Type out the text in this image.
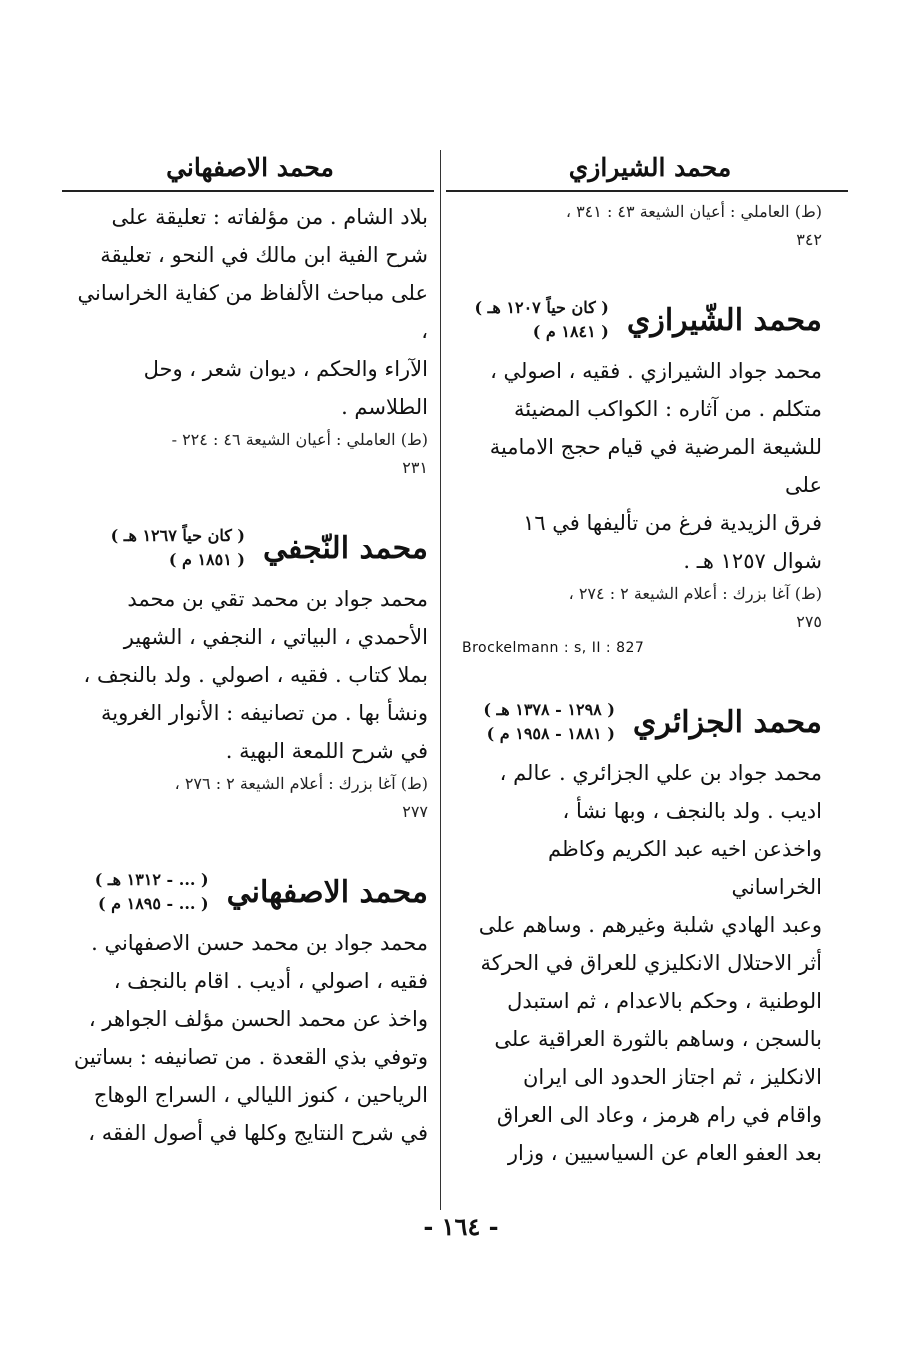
محمد الشيرازي
محمد الاصفهاني

(ط) العاملي : أعيان الشيعة ٤٣ : ٣٤١ ،

٣٤٢

محمد الشّيرازي
( كان حياً ١٢٠٧ هـ )
( ١٨٤١ م )

محمد جواد الشيرازي . فقيه ، اصولي ،

متكلم . من آثاره : الكواكب المضيئة

للشيعة المرضية في قيام حجج الامامية على

فرق الزيدية فرغ من تأليفها في ١٦

شوال ١٢٥٧ هـ .

(ط) آغا بزرك : أعلام الشيعة ٢ : ٢٧٤ ،

٢٧٥

Brockelmann : s, II : 827

محمد الجزائري
( ١٢٩٨ - ١٣٧٨ هـ )
( ١٨٨١ - ١٩٥٨ م )

محمد جواد بن علي الجزائري . عالم ،

اديب . ولد بالنجف ، وبها نشأ ،

واخذعن اخيه عبد الكريم وكاظم الخراساني

وعبد الهادي شلبة وغيرهم . وساهم على

أثر الاحتلال الانكليزي للعراق في الحركة

الوطنية ، وحكم بالاعدام ، ثم استبدل

بالسجن ، وساهم بالثورة العراقية على

الانكليز ، ثم اجتاز الحدود الى ايران

واقام في رام هرمز ، وعاد الى العراق

بعد العفو العام عن السياسيين ، وزار

بلاد الشام . من مؤلفاته : تعليقة على

شرح الفية ابن مالك في النحو ، تعليقة

على مباحث الألفاظ من كفاية الخراساني ،

الآراء والحكم ، ديوان شعر ، وحل

الطلاسم .

(ط) العاملي : أعيان الشيعة ٤٦ : ٢٢٤ -

٢٣١

محمد النّجفي
( كان حياً ١٢٦٧ هـ )
( ١٨٥١ م )

محمد جواد بن محمد تقي بن محمد

الأحمدي ، البياتي ، النجفي ، الشهير

بملا كتاب . فقيه ، اصولي . ولد بالنجف ،

ونشأ بها . من تصانيفه : الأنوار الغروية

في شرح اللمعة البهية .

(ط) آغا بزرك : أعلام الشيعة ٢ : ٢٧٦ ،

٢٧٧

محمد الاصفهاني
( ... - ١٣١٢ هـ )
( ... - ١٨٩٥ م )

محمد جواد بن محمد حسن الاصفهاني .

فقيه ، اصولي ، أديب . اقام بالنجف ،

واخذ عن محمد الحسن مؤلف الجواهر ،

وتوفي بذي القعدة . من تصانيفه : بساتين

الرياحين ، كنوز الليالي ، السراج الوهاج

في شرح النتايج وكلها في أصول الفقه ،

- ١٦٤ -
